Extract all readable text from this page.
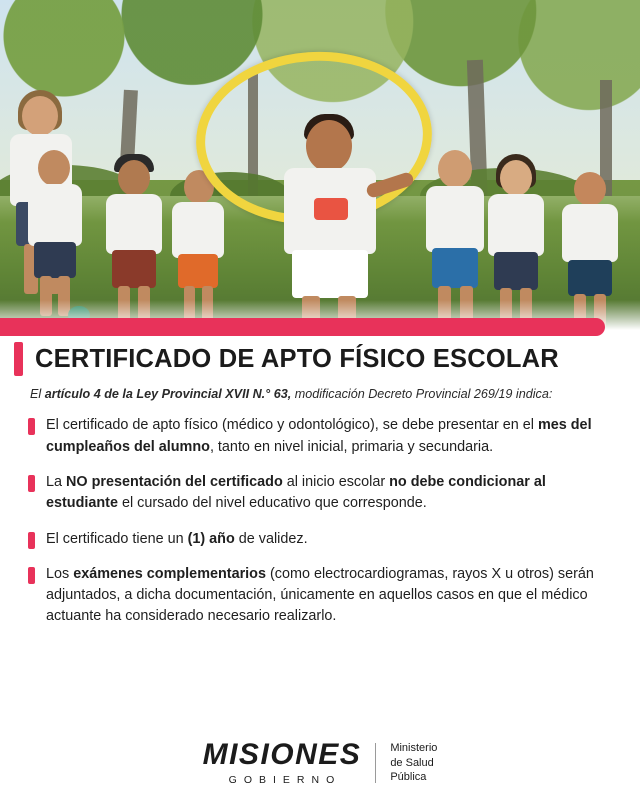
CERTIFICADO DE APTO FÍSICO ESCOLAR

El artículo 4 de la Ley Provincial XVII N.° 63, modificación Decreto Provincial 269/19 indica:

El certificado de apto físico (médico y odontológico), se debe presentar en el mes del cumpleaños del alumno, tanto en nivel inicial, primaria y secundaria.
La NO presentación del certificado al inicio escolar no debe condicionar al estudiante el cursado del nivel educativo que corresponde.
El certificado tiene un (1) año de validez.
Los exámenes complementarios (como electrocardiogramas, rayos X u otros) serán adjuntados, a dicha documentación, únicamente en aquellos casos en que el médico actuante ha considerado necesario realizarlo.
MISIONES
GOBIERNO
Ministerio
de Salud
Pública
